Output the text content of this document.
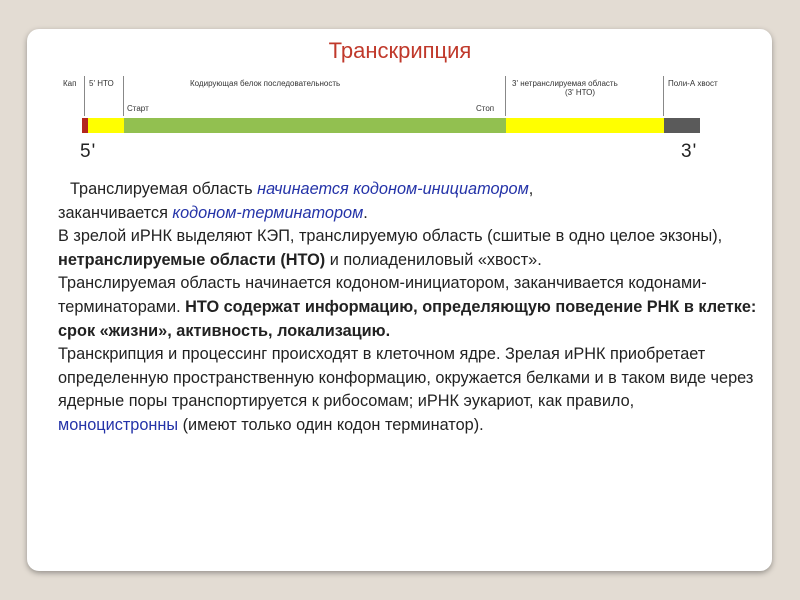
Транскрипция
Кап 5' НТО	Кодирующая белок последовательность
Старт	Стоп
3' нетранслируемая область
(3' НТО)
Поли-А хвост
5'	3'

Транслируемая область начинается кодоном-инициатором,
заканчивается кодоном-терминатором.

В зрелой иРНК выделяют КЭП, транслируемую область (сшитые в одно целое экзоны), нетранслируемые области (НТО) и полиадениловый «хвост».

Транслируемая область начинается кодоном-инициатором, заканчивается кодонами-терминаторами. НТО содержат информацию, определяющую поведение РНК в клетке: срок «жизни», активность, локализацию.

Транскрипция и процессинг происходят в клеточном ядре. Зрелая иРНК приобретает определенную пространственную конформацию, окружается белками и в таком виде через ядерные поры транспортируется к рибосомам; иРНК эукариот, как правило, моноцистронны (имеют только один кодон терминатор).
